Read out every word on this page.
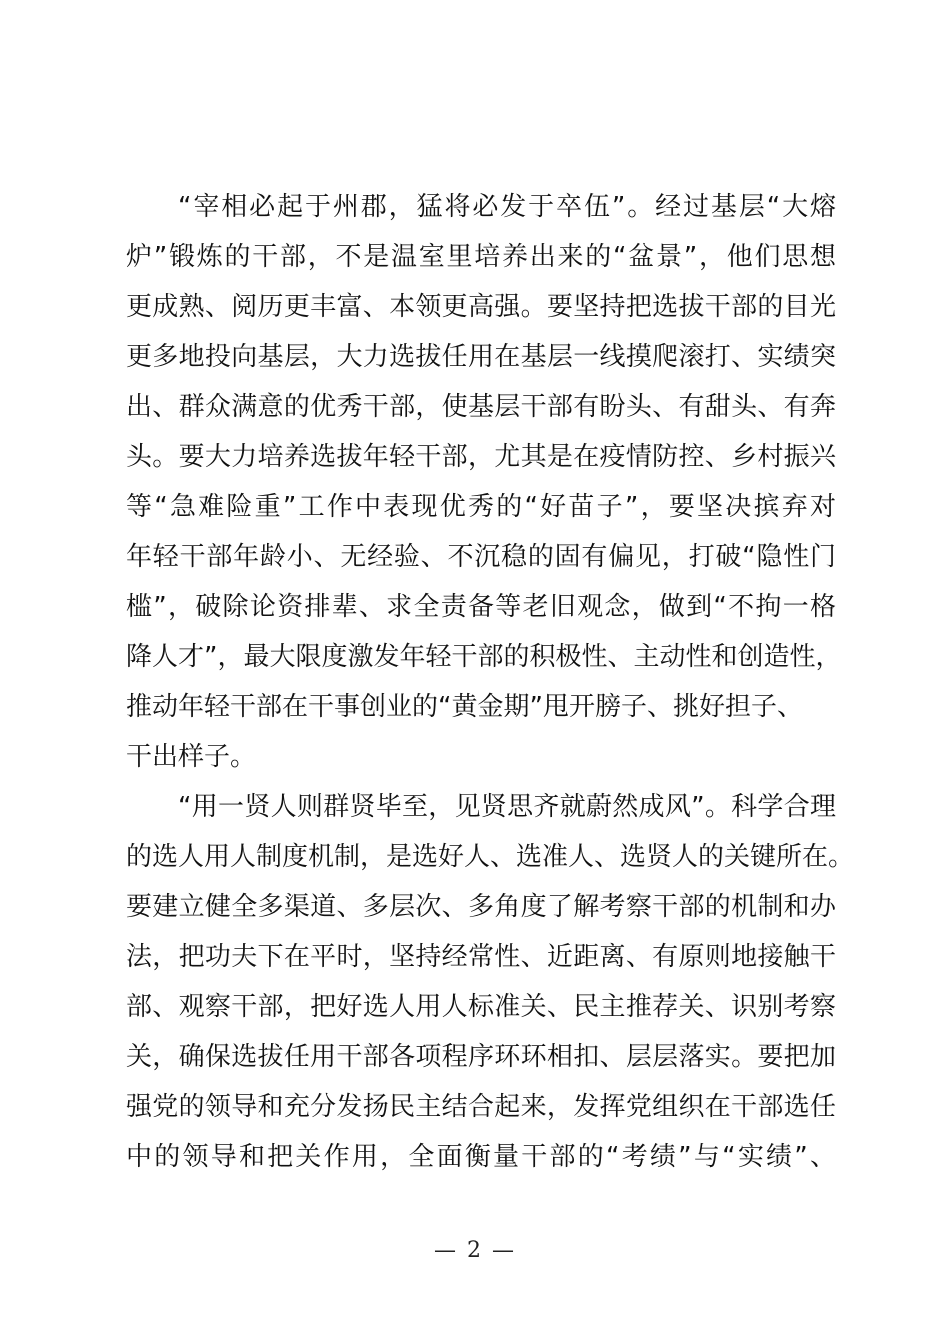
“宰相必起于州郡，猛将必发于卒伍”。经过基层“大熔
炉”锻炼的干部，不是温室里培养出来的“盆景”，他们思想
更成熟、阅历更丰富、本领更高强。要坚持把选拔干部的目光
更多地投向基层，大力选拔任用在基层一线摸爬滚打、实绩突
出、群众满意的优秀干部，使基层干部有盼头、有甜头、有奔
头。要大力培养选拔年轻干部，尤其是在疫情防控、乡村振兴
等“急难险重”工作中表现优秀的“好苗子”，要坚决摈弃对
年轻干部年龄小、无经验、不沉稳的固有偏见，打破“隐性门
槛”，破除论资排辈、求全责备等老旧观念，做到“不拘一格
降人才”，最大限度激发年轻干部的积极性、主动性和创造性，
推动年轻干部在干事创业的“黄金期”甩开膀子、挑好担子、
干出样子。
“用一贤人则群贤毕至，见贤思齐就蔚然成风”。科学合理
的选人用人制度机制，是选好人、选准人、选贤人的关键所在。
要建立健全多渠道、多层次、多角度了解考察干部的机制和办
法，把功夫下在平时，坚持经常性、近距离、有原则地接触干
部、观察干部，把好选人用人标准关、民主推荐关、识别考察
关，确保选拔任用干部各项程序环环相扣、层层落实。要把加
强党的领导和充分发扬民主结合起来，发挥党组织在干部选任
中的领导和把关作用，全面衡量干部的“考绩”与“实绩”、
— 2 —
